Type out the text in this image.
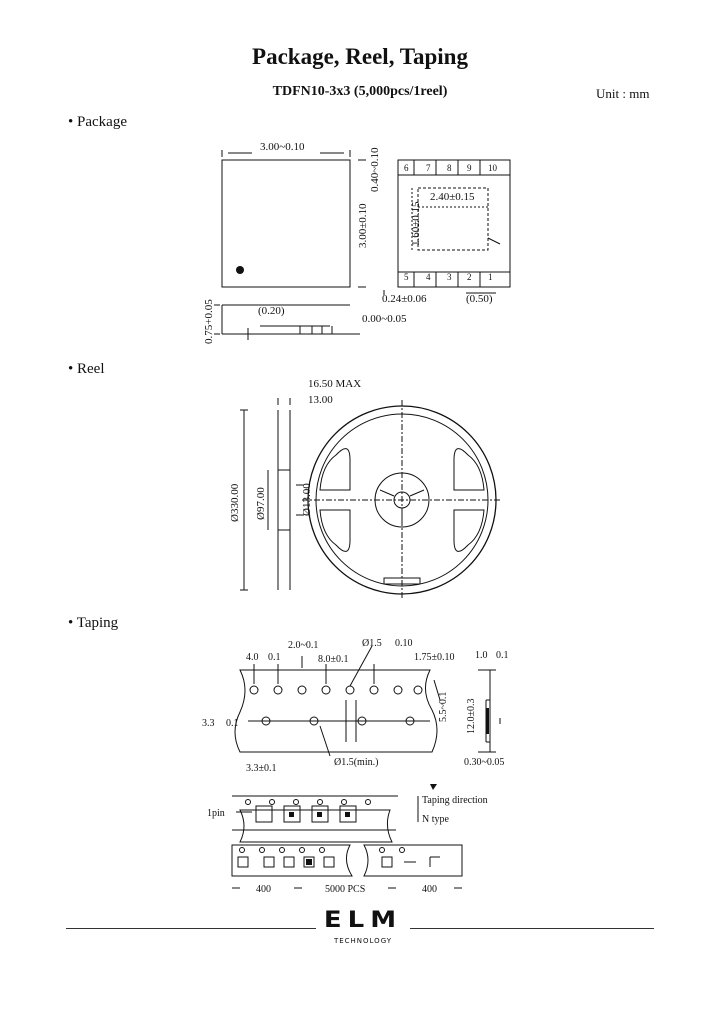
Package, Reel, Taping
TDFN10-3x3 (5,000pcs/1reel)	Unit : mm
• Package
• Reel
• Taping
3.00~0.10
0.40~0.10
3.00±0.10
2.40±0.15
1.60±0.15
0.24±0.06	(0.50)
0.75+0.05	(0.20)
0.00~0.05
6 7 8 9 10
5 4 3 2 1
16.50 MAX
13.00
Ø330.00 Ø97.00	Ø13.00
4.0 0.1
2.0~0.1
8.0±0.1
Ø1.5 0.10
1.75±0.10 1.0 0.1
3.3 0.1
3.3±0.1
Ø1.5(min.)
5.5~0.1 12.0±0.3
0.30~0.05
Taping direction
N type
1pin
400	5000 PCS	400
ELM
TECHNOLOGY
